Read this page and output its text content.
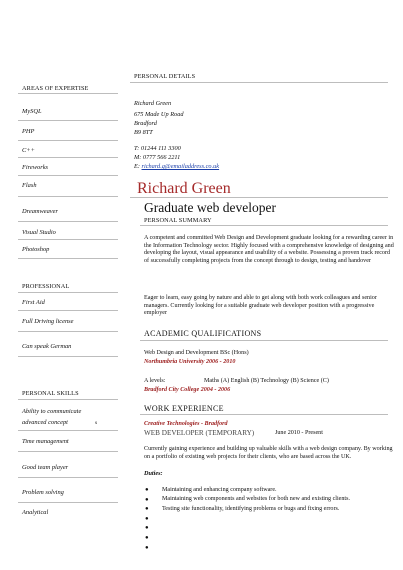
AREAS OF EXPERTISE
MySQL
PHP
C++
Fireworks
Flash
Dreamweaver
Visual Studio
Photoshop
PROFESSIONAL
First Aid
Full Driving license
Can speak German
PERSONAL SKILLS
Ability to communicate
advanced concept	s
Time management
Good team player
Problem solving
Analytical
PERSONAL DETAILS
Richard Green
675 Made Up Road
Bradford
B9 8TT
T: 01244 111 3300
M: 0777 566 2211
E: richard.g@emailaddress.co.uk
Richard Green
Graduate web developer
PERSONAL SUMMARY
A competent and committed Web Design and Development graduate looking for a rewarding career in the Information Technology sector. Highly focused with a comprehensive knowledge of designing and developing the layout, visual appearance and usability of a website. Possessing a proven track record of successfully completing projects from the concept through to design, testing and handover
Eager to learn, easy going by nature and able to get along with both work colleagues and senior managers. Currently looking for a suitable graduate web developer position with a progressive employer
ACADEMIC QUALIFICATIONS
Web Design and Development BSc (Hons)
Northumbria University 2006 - 2010
A levels:	Maths (A) English (B) Technology (B) Science (C)
Bradford City College 2004 - 2006
WORK EXPERIENCE
Creative Technologies - Bradford
WEB DEVELOPER (TEMPORARY)	June 2010 - Present
Currently gaining experience and building up valuable skills with a web design company. By working on a portfolio of existing web projects for their clients, who are based across the UK.
Duties:
● Maintaining and enhancing company software.
● Maintaining web components and websites for both new and existing clients.
● Testing site functionality, identifying problems or bugs and fixing errors.
●
●
●
●
